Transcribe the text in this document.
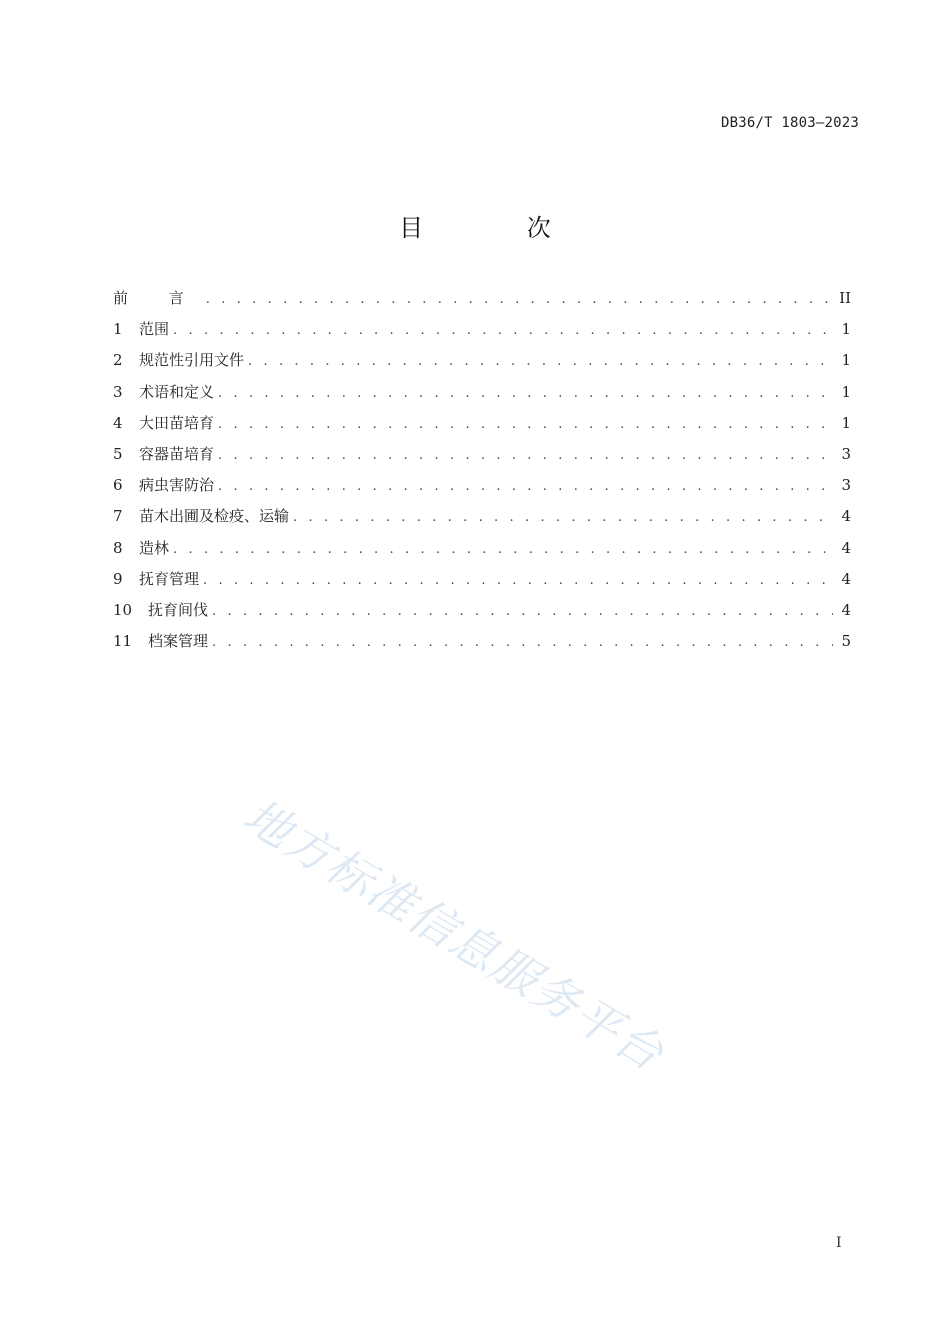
DB36/T 1803—2023
目 次
前 言 . . .	II
1	范围 . . .	1
2	规范性引用文件 . . .	1
3	术语和定义 . . .	1
4	大田苗培育 . . .	1
5	容器苗培育 . . .	3
6	病虫害防治 . . .	3
7	苗木出圃及检疫、运输 . . .	4
8	造林 . . .	4
9	抚育管理 . . .	4
10	抚育间伐 . . .	4
11	档案管理 . . .	5
地方标准信息服务平台
I
